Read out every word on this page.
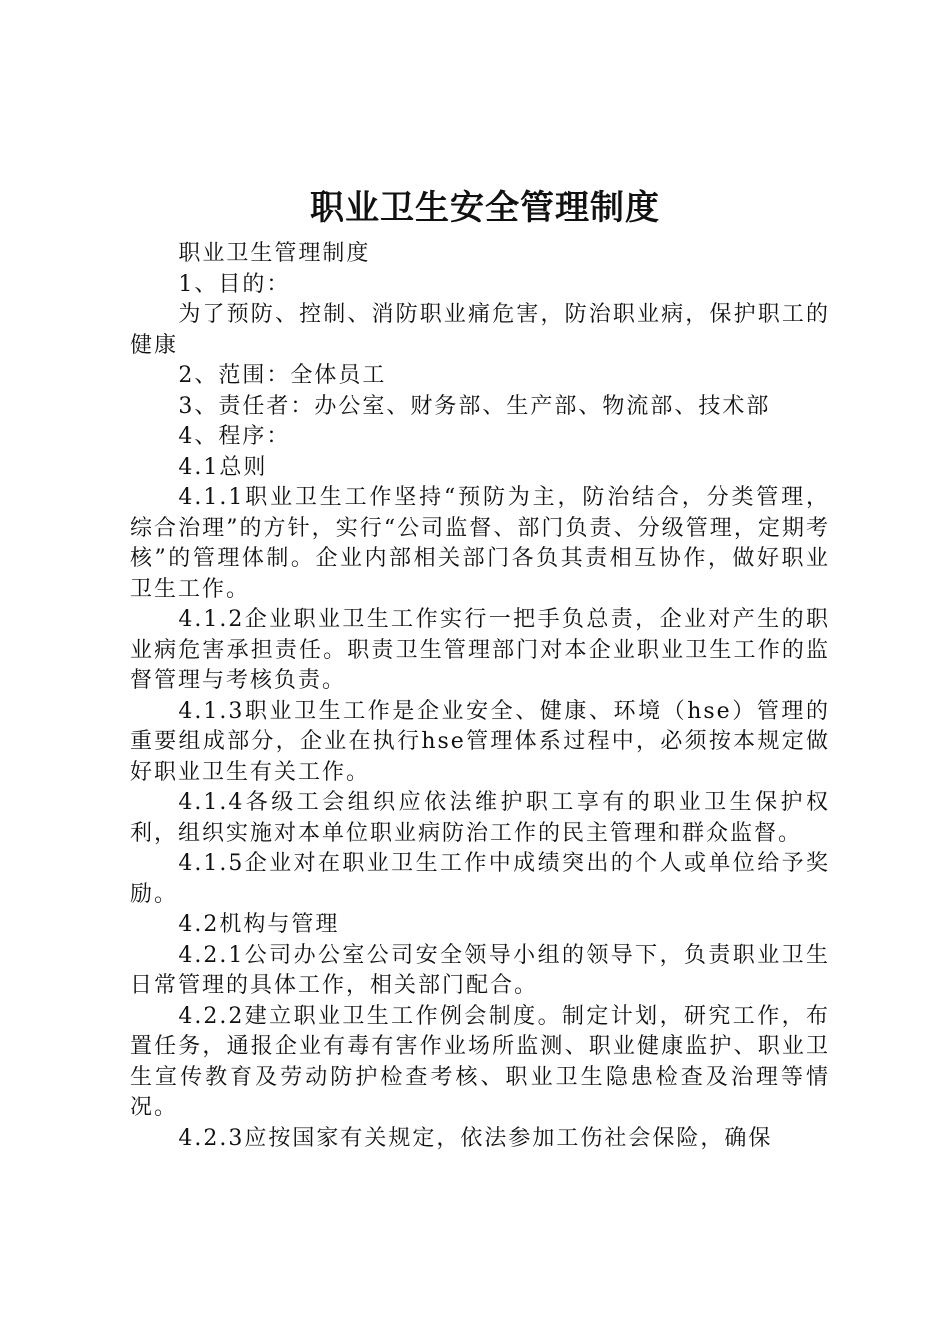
职业卫生安全管理制度

职业卫生管理制度

1、目的：

为了预防、控制、消防职业痛危害，防治职业病，保护职工的健康

2、范围：全体员工

3、责任者：办公室、财务部、生产部、物流部、技术部

4、程序：

4.1总则

4.1.1职业卫生工作坚持“预防为主，防治结合，分类管理，综合治理”的方针，实行“公司监督、部门负责、分级管理，定期考核”的管理体制。企业内部相关部门各负其责相互协作，做好职业卫生工作。

4.1.2企业职业卫生工作实行一把手负总责，企业对产生的职业病危害承担责任。职责卫生管理部门对本企业职业卫生工作的监督管理与考核负责。

4.1.3职业卫生工作是企业安全、健康、环境（hse）管理的重要组成部分，企业在执行hse管理体系过程中，必须按本规定做好职业卫生有关工作。

4.1.4各级工会组织应依法维护职工享有的职业卫生保护权利，组织实施对本单位职业病防治工作的民主管理和群众监督。

4.1.5企业对在职业卫生工作中成绩突出的个人或单位给予奖励。

4.2机构与管理

4.2.1公司办公室公司安全领导小组的领导下，负责职业卫生日常管理的具体工作，相关部门配合。

4.2.2建立职业卫生工作例会制度。制定计划，研究工作，布置任务，通报企业有毒有害作业场所监测、职业健康监护、职业卫生宣传教育及劳动防护检查考核、职业卫生隐患检查及治理等情况。

4.2.3应按国家有关规定，依法参加工伤社会保险，确保
